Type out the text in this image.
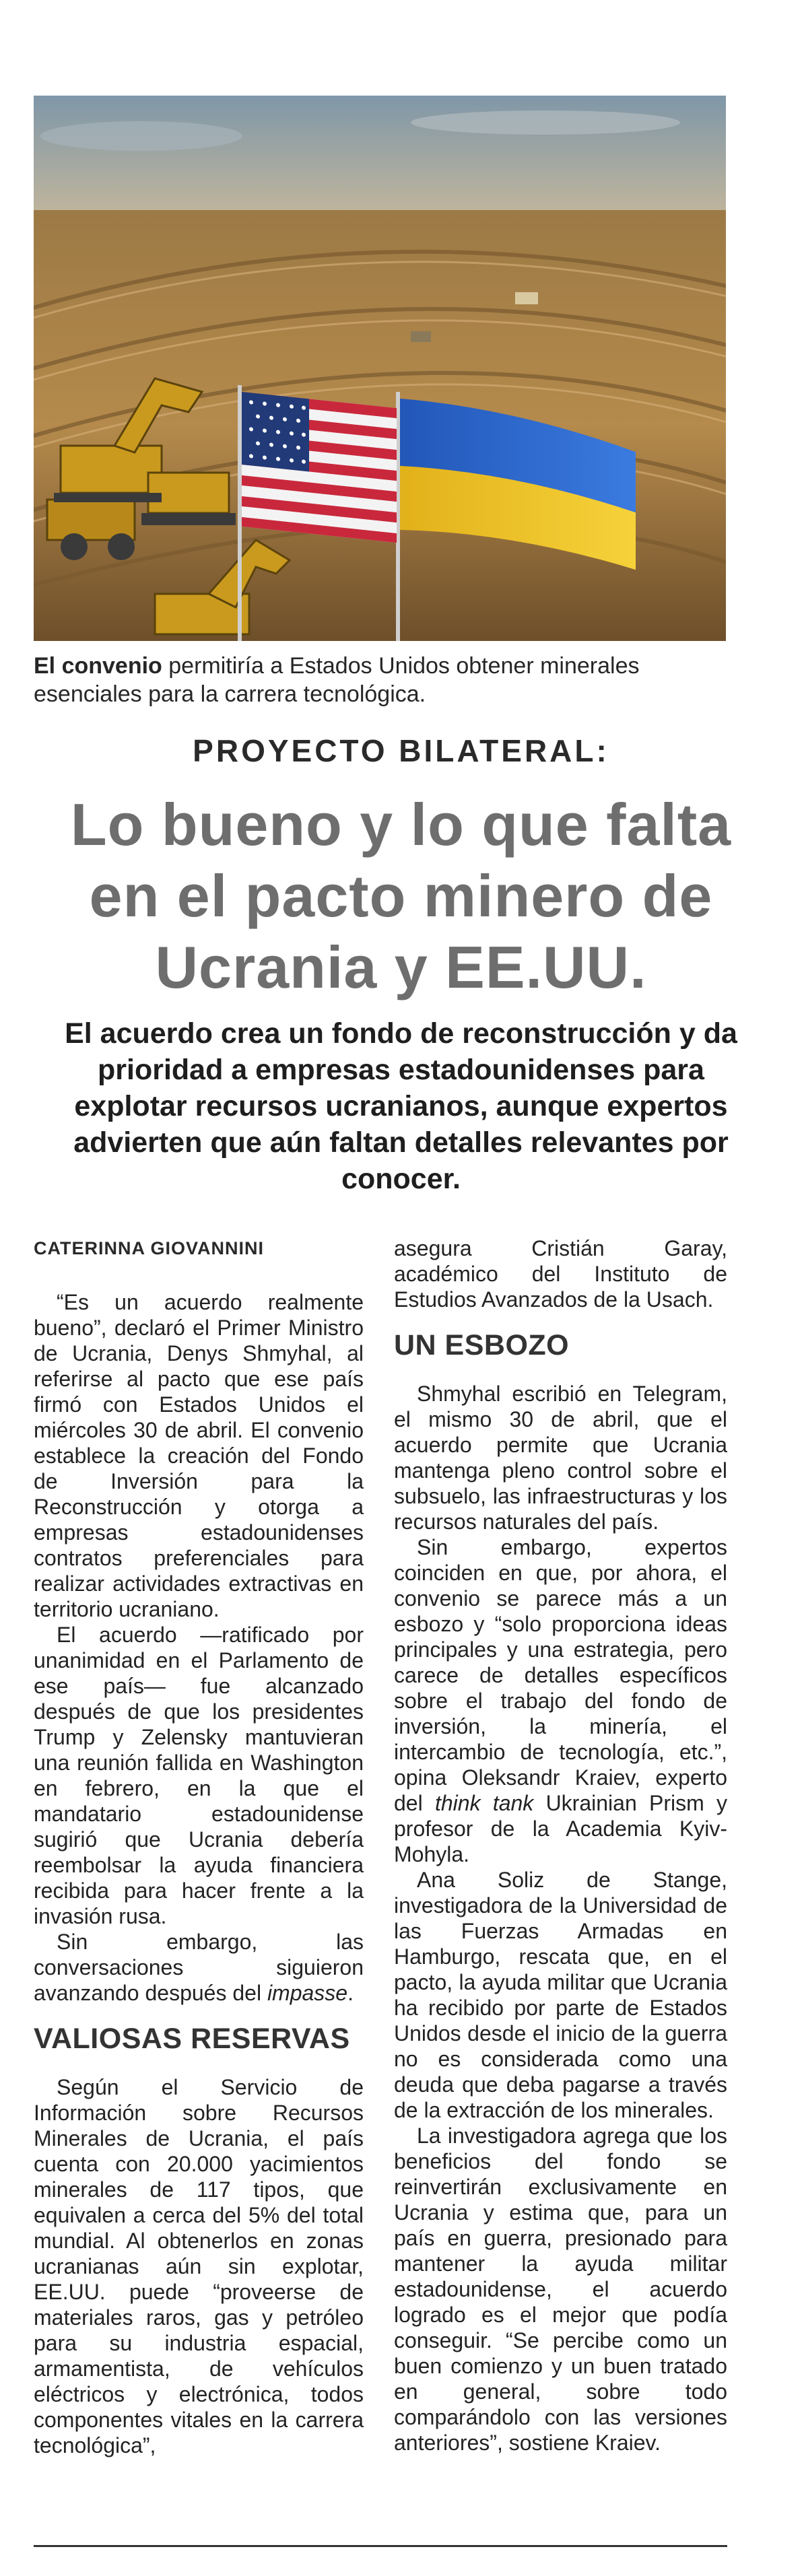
El convenio permitiría a Estados Unidos obtener minerales esenciales para la carrera tecnológica.

PROYECTO BILATERAL:
Lo bueno y lo que falta en el pacto minero de Ucrania y EE.UU.

El acuerdo crea un fondo de reconstrucción y da prioridad a empresas estadounidenses para explotar recursos ucranianos, aunque expertos advierten que aún faltan detalles relevantes por conocer.

CATERINNA GIOVANNINI

“Es un acuerdo realmente bueno”, declaró el Primer Ministro de Ucrania, Denys Shmyhal, al referirse al pacto que ese país firmó con Estados Unidos el miércoles 30 de abril. El convenio establece la creación del Fondo de Inversión para la Reconstrucción y otorga a empresas estadounidenses contratos preferenciales para realizar actividades extractivas en territorio ucraniano.

El acuerdo —ratificado por unanimidad en el Parlamento de ese país— fue alcanzado después de que los presidentes Trump y Zelensky mantuvieran una reunión fallida en Washington en febrero, en la que el mandatario estadounidense sugirió que Ucrania debería reembolsar la ayuda financiera recibida para hacer frente a la invasión rusa.

Sin embargo, las conversaciones siguieron avanzando después del impasse.

VALIOSAS RESERVAS

Según el Servicio de Información sobre Recursos Minerales de Ucrania, el país cuenta con 20.000 yacimientos minerales de 117 tipos, que equivalen a cerca del 5% del total mundial. Al obtenerlos en zonas ucranianas aún sin explotar, EE.UU. puede “proveerse de materiales raros, gas y petróleo para su industria espacial, armamentista, de vehículos eléctricos y electrónica, todos componentes vitales en la carrera tecnológica”,

asegura Cristián Garay, académico del Instituto de Estudios Avanzados de la Usach.

UN ESBOZO

Shmyhal escribió en Telegram, el mismo 30 de abril, que el acuerdo permite que Ucrania mantenga pleno control sobre el subsuelo, las infraestructuras y los recursos naturales del país.

Sin embargo, expertos coinciden en que, por ahora, el convenio se parece más a un esbozo y “solo proporciona ideas principales y una estrategia, pero carece de detalles específicos sobre el trabajo del fondo de inversión, la minería, el intercambio de tecnología, etc.”, opina Oleksandr Kraiev, experto del think tank Ukrainian Prism y profesor de la Academia Kyiv-Mohyla.

Ana Soliz de Stange, investigadora de la Universidad de las Fuerzas Armadas en Hamburgo, rescata que, en el pacto, la ayuda militar que Ucrania ha recibido por parte de Estados Unidos desde el inicio de la guerra no es considerada como una deuda que deba pagarse a través de la extracción de los minerales.

La investigadora agrega que los beneficios del fondo se reinvertirán exclusivamente en Ucrania y estima que, para un país en guerra, presionado para mantener la ayuda militar estadounidense, el acuerdo logrado es el mejor que podía conseguir. “Se percibe como un buen comienzo y un buen tratado en general, sobre todo comparándolo con las versiones anteriores”, sostiene Kraiev.
